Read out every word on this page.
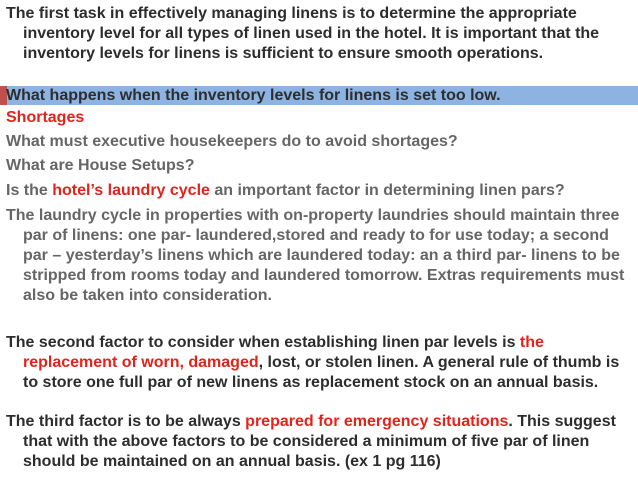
The first task in effectively managing linens is to determine the appropriate inventory level for all types of linen used in the hotel. It is important that the inventory levels for linens is sufficient to ensure smooth operations.
What happens when the inventory levels for linens is set too low.
Shortages
What must executive housekeepers do to avoid shortages?
What are House Setups?
Is the hotel’s laundry cycle an important factor in determining linen pars?
The laundry cycle in properties with on-property laundries should maintain three par of linens: one par- laundered,stored and ready to for use today; a second par – yesterday’s linens which are laundered today: an a third par- linens to be stripped from rooms today and laundered tomorrow. Extras requirements must also be taken into consideration.
The second factor to consider when establishing linen par levels is the replacement of worn, damaged, lost, or stolen linen. A general rule of thumb is to store one full par of new linens as replacement stock on an annual basis.
The third factor is to be always prepared for emergency situations. This suggest that with the above factors to be considered a minimum of five par of linen should be maintained on an annual basis. (ex 1 pg 116)
